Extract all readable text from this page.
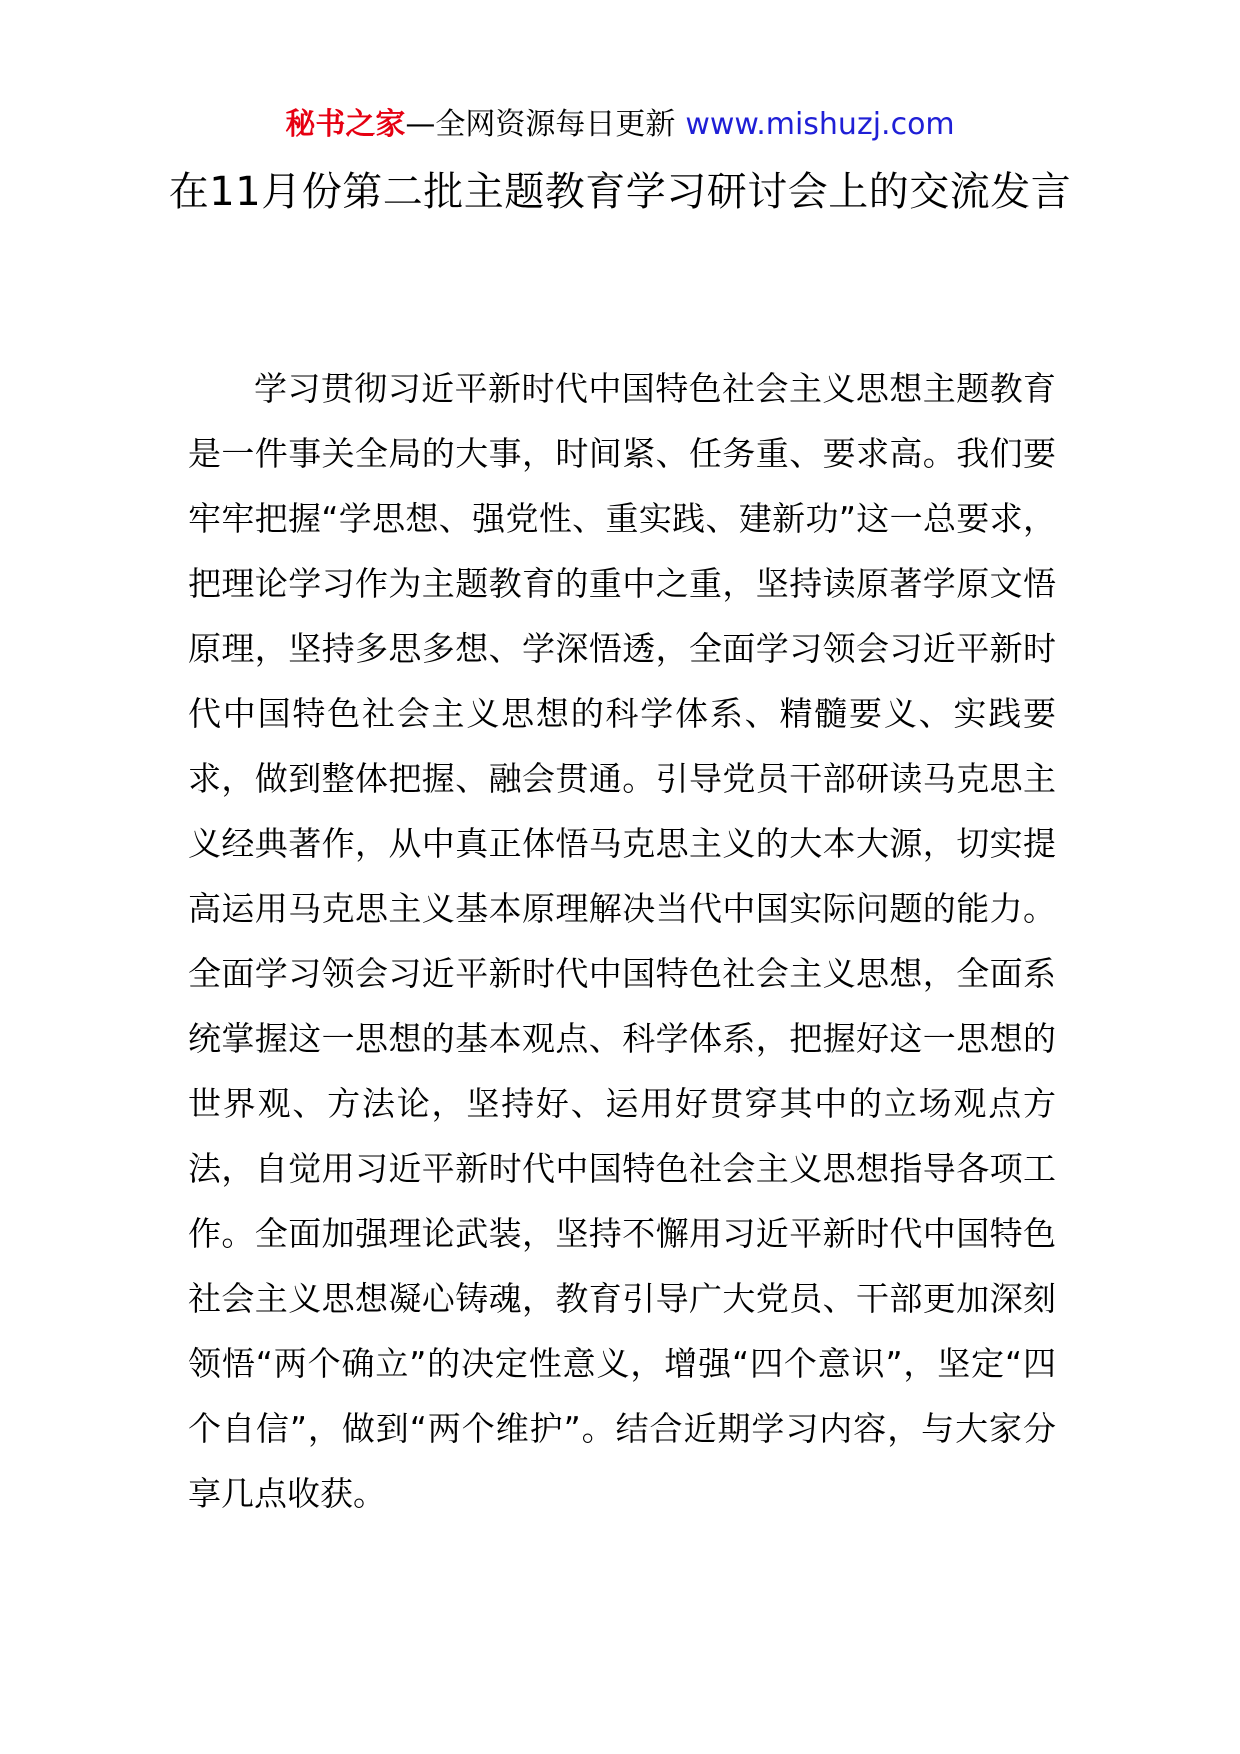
秘书之家—全网资源每日更新 www.mishuzj.com
在11月份第二批主题教育学习研讨会上的交流发言

学习贯彻习近平新时代中国特色社会主义思想主题教育是一件事关全局的大事，时间紧、任务重、要求高。我们要牢牢把握“学思想、强党性、重实践、建新功”这一总要求，把理论学习作为主题教育的重中之重，坚持读原著学原文悟原理，坚持多思多想、学深悟透，全面学习领会习近平新时代中国特色社会主义思想的科学体系、精髓要义、实践要求，做到整体把握、融会贯通。引导党员干部研读马克思主义经典著作，从中真正体悟马克思主义的大本大源，切实提高运用马克思主义基本原理解决当代中国实际问题的能力。全面学习领会习近平新时代中国特色社会主义思想，全面系统掌握这一思想的基本观点、科学体系，把握好这一思想的世界观、方法论，坚持好、运用好贯穿其中的立场观点方法，自觉用习近平新时代中国特色社会主义思想指导各项工作。全面加强理论武装，坚持不懈用习近平新时代中国特色社会主义思想凝心铸魂，教育引导广大党员、干部更加深刻领悟“两个确立”的决定性意义，增强“四个意识”，坚定“四个自信”，做到“两个维护”。结合近期学习内容，与大家分享几点收获。
